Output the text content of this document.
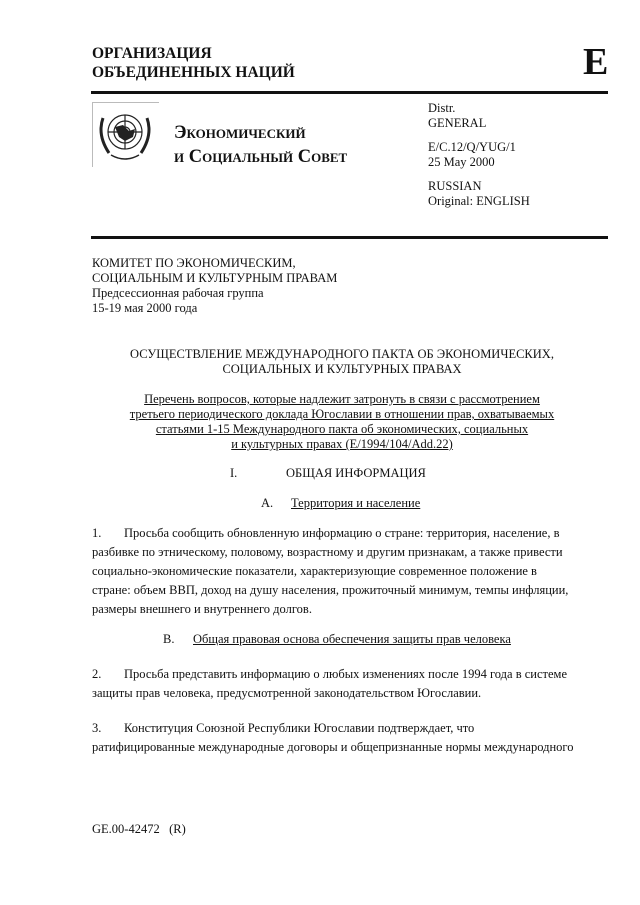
ОРГАНИЗАЦИЯ
ОБЪЕДИНЕННЫХ НАЦИЙ	E
Экономический
и Социальный Совет
Distr.
GENERAL
E/C.12/Q/YUG/1
25 May 2000
RUSSIAN
Original: ENGLISH
КОМИТЕТ ПО ЭКОНОМИЧЕСКИМ,
СОЦИАЛЬНЫМ И КУЛЬТУРНЫМ ПРАВАМ
Предсессионная рабочая группа
15-19 мая 2000 года
ОСУЩЕСТВЛЕНИЕ МЕЖДУНАРОДНОГО ПАКТА ОБ ЭКОНОМИЧЕСКИХ,
СОЦИАЛЬНЫХ И КУЛЬТУРНЫХ ПРАВАХ
Перечень вопросов, которые надлежит затронуть в связи с рассмотрением
третьего периодического доклада Югославии в отношении прав, охватываемых
статьями 1-15 Международного пакта об экономических, социальных
и культурных правах (E/1994/104/Add.22)
I.	ОБЩАЯ ИНФОРМАЦИЯ
A. Территория и население
1. Просьба сообщить обновленную информацию о стране: территория, население, в
разбивке по этническому, половому, возрастному и другим признакам, а также привести
социально-экономические показатели, характеризующие современное положение в
стране: объем ВВП, доход на душу населения, прожиточный минимум, темпы инфляции,
размеры внешнего и внутреннего долгов.
B. Общая правовая основа обеспечения защиты прав человека
2. Просьба представить информацию о любых изменениях после 1994 года в системе
защиты прав человека, предусмотренной законодательством Югославии.
3. Конституция Союзной Республики Югославии подтверждает, что
ратифицированные международные договоры и общепризнанные нормы международного
GE.00-42472   (R)
